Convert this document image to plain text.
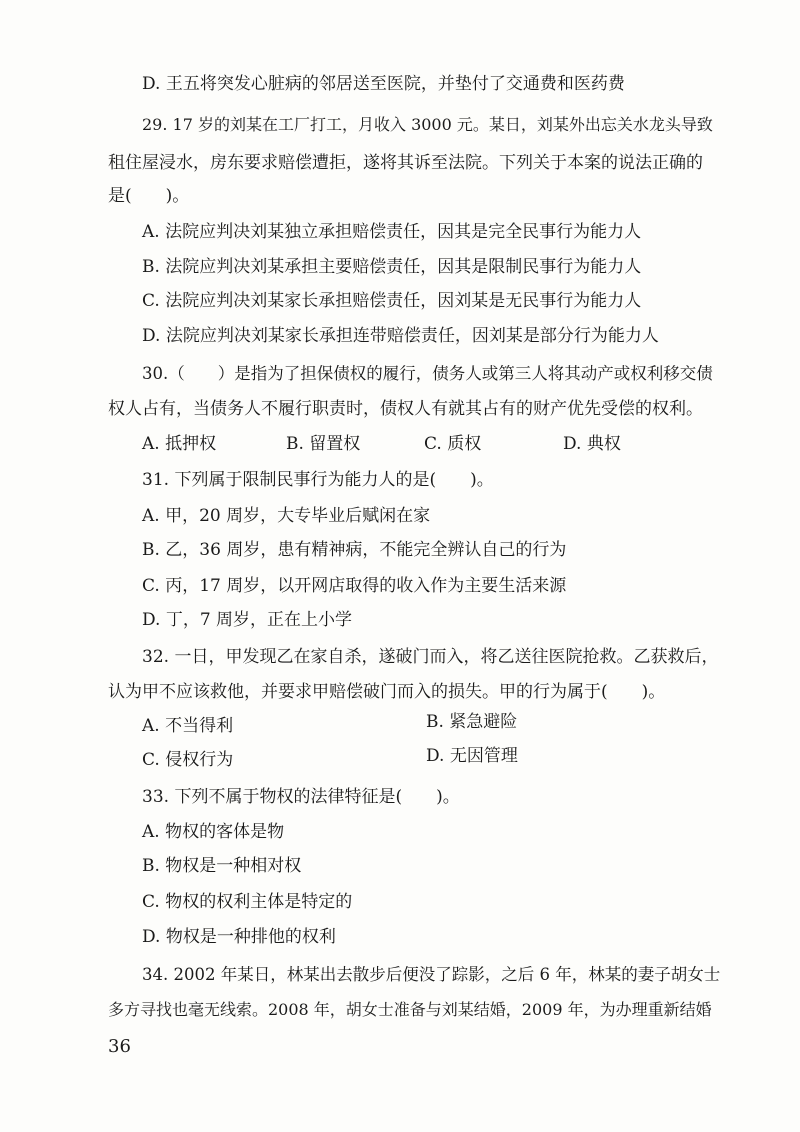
D. 王五将突发心脏病的邻居送至医院，并垫付了交通费和医药费
29. 17 岁的刘某在工厂打工，月收入 3000 元。某日，刘某外出忘关水龙头导致
租住屋浸水，房东要求赔偿遭拒，遂将其诉至法院。下列关于本案的说法正确的
是(　　)。
A. 法院应判决刘某独立承担赔偿责任，因其是完全民事行为能力人
B. 法院应判决刘某承担主要赔偿责任，因其是限制民事行为能力人
C. 法院应判决刘某家长承担赔偿责任，因刘某是无民事行为能力人
D. 法院应判决刘某家长承担连带赔偿责任，因刘某是部分行为能力人
30.（　　）是指为了担保债权的履行，债务人或第三人将其动产或权利移交债
权人占有，当债务人不履行职责时，债权人有就其占有的财产优先受偿的权利。
A. 抵押权	B. 留置权	C. 质权	D. 典权
31. 下列属于限制民事行为能力人的是(　　)。
A. 甲，20 周岁，大专毕业后赋闲在家
B. 乙，36 周岁，患有精神病，不能完全辨认自己的行为
C. 丙，17 周岁，以开网店取得的收入作为主要生活来源
D. 丁，7 周岁，正在上小学
32. 一日，甲发现乙在家自杀，遂破门而入，将乙送往医院抢救。乙获救后，
认为甲不应该救他，并要求甲赔偿破门而入的损失。甲的行为属于(　　)。
A. 不当得利	B. 紧急避险
C. 侵权行为	D. 无因管理
33. 下列不属于物权的法律特征是(　　)。
A. 物权的客体是物
B. 物权是一种相对权
C. 物权的权利主体是特定的
D. 物权是一种排他的权利
34. 2002 年某日，林某出去散步后便没了踪影，之后 6 年，林某的妻子胡女士
多方寻找也毫无线索。2008 年，胡女士准备与刘某结婚，2009 年，为办理重新结婚
36
